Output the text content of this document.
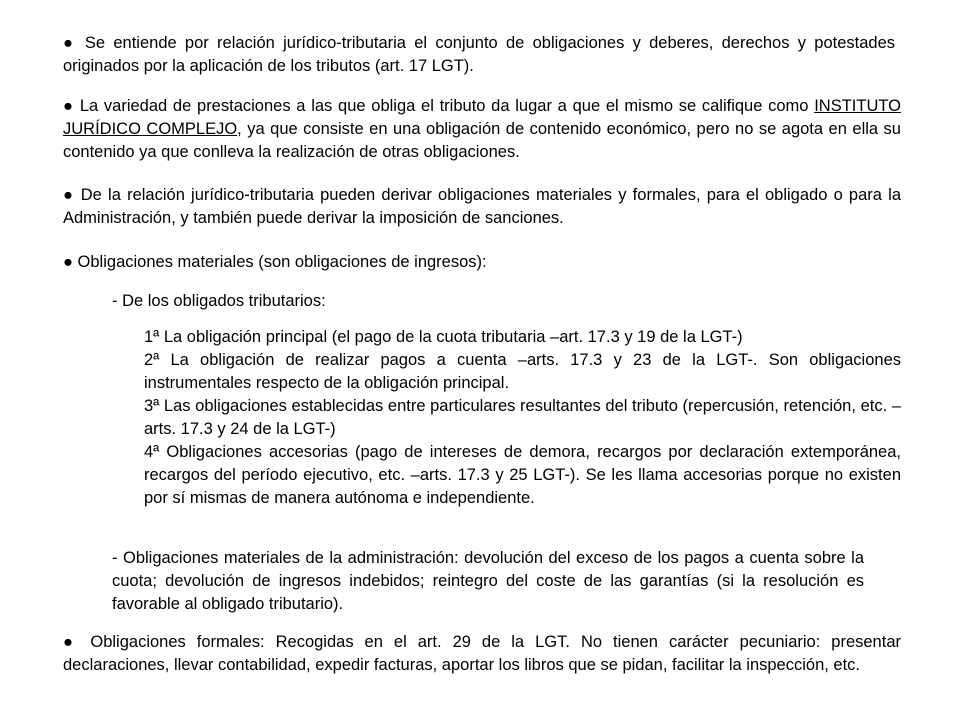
● Se entiende por relación jurídico-tributaria el conjunto de obligaciones y deberes, derechos y potestades originados por la aplicación de los tributos (art. 17 LGT).

● La variedad de prestaciones a las que obliga el tributo da lugar a que el mismo se califique como INSTITUTO JURÍDICO COMPLEJO, ya que consiste en una obligación de contenido económico, pero no se agota en ella su contenido ya que conlleva la realización de otras obligaciones.

● De la relación jurídico-tributaria pueden derivar obligaciones materiales y formales, para el obligado o para la Administración, y también puede derivar la imposición de sanciones.

● Obligaciones materiales (son obligaciones de ingresos):

- De los obligados tributarios:

1ª La obligación principal (el pago de la cuota tributaria –art. 17.3 y 19 de la LGT-)

2ª La obligación de realizar pagos a cuenta –arts. 17.3 y 23 de la LGT-. Son obligaciones instrumentales respecto de la obligación principal.

3ª Las obligaciones establecidas entre particulares resultantes del tributo (repercusión, retención, etc. –arts. 17.3 y 24 de la LGT-)

4ª Obligaciones accesorias (pago de intereses de demora, recargos por declaración extemporánea, recargos del período ejecutivo, etc. –arts. 17.3 y 25 LGT-). Se les llama accesorias porque no existen por sí mismas de manera autónoma e independiente.

- Obligaciones materiales de la administración: devolución del exceso de los pagos a cuenta sobre la cuota; devolución de ingresos indebidos; reintegro del coste de las garantías (si la resolución es favorable al obligado tributario).

● Obligaciones formales: Recogidas en el art. 29 de la LGT. No tienen carácter pecuniario: presentar declaraciones, llevar contabilidad, expedir facturas, aportar los libros que se pidan, facilitar la inspección, etc.
